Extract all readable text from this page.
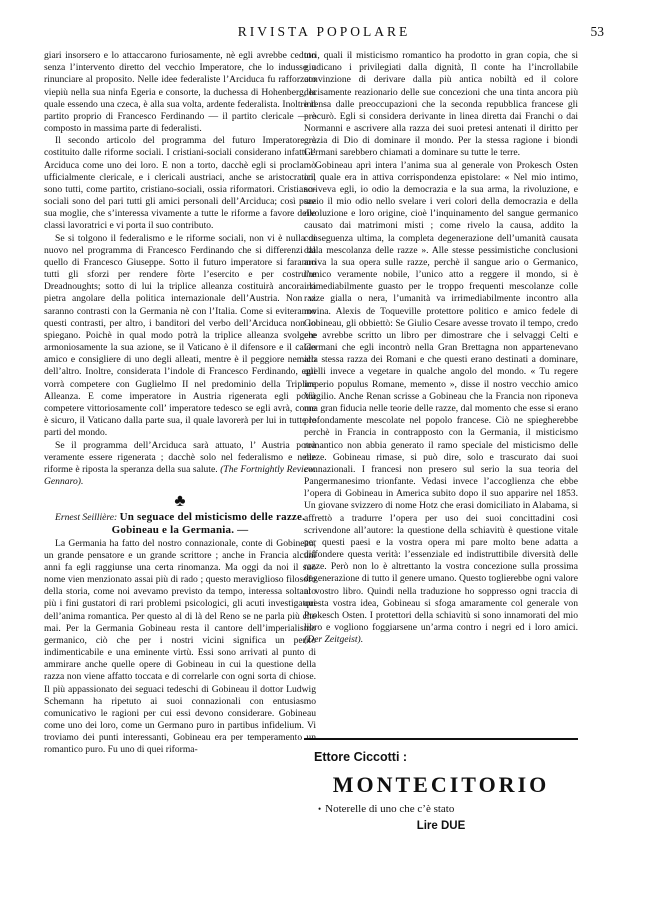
RIVISTA POPOLARE	53

giari insorsero e lo attaccarono furiosamente, nè egli avrebbe ceduto senza l’intervento diretto del vecchio Imperatore, che lo indusse a rinunciare al proposito. Nelle idee federaliste l’Arciduca fu rafforzato viepiù nella sua ninfa Egeria e consorte, la duchessa di Hohenberg, la quale essendo una czeca, è alla sua volta, ardente federalista. Inoltre il partito proprio di Francesco Ferdinando — il partito clericale — è composto in massima parte di federalisti.

Il secondo articolo del programma del futuro Imperatore è costituito dalle riforme sociali. I cristiani-sociali considerano infatti l’ Arciduca come uno dei loro. E non a torto, dacchè egli si proclamò ufficialmente clericale, e i clericali austriaci, anche se aristocratici, sono tutti, come partito, cristiano-sociali, ossia riformatori. Cristiano-sociali sono del pari tutti gli amici personali dell’Arciduca; così pure sua moglie, che s’interessa vivamente a tutte le riforme a favore delle classi lavoratrici e vi porta il suo contributo.

Se si tolgono il federalismo e le riforme sociali, non vi è nulla di nuovo nel programma di Francesco Ferdinando che si differenzi da quello di Francesco Giuseppe. Sotto il futuro imperatore si faranno tutti gli sforzi per rendere fòrte l’esercito e per costruire Dreadnoughts; sotto di lui la triplice alleanza costituirà ancora la pietra angolare della politica internazionale dell’Austria. Non vi saranno contrasti con la Germania nè con l’Italia. Come si eviteranno questi contrasti, per altro, i banditori del verbo dell’Arciduca non lo spiegano. Poichè in qual modo potrà la triplice alleanza svolgere armoniosamente la sua azione, se il Vaticano è il difensore e il caldo amico e consigliere di uno degli alleati, mentre è il peggiore nemico dell’altro. Inoltre, considerata l’indole di Francesco Ferdinando, egli vorrà competere con Guglielmo II nel predominio della Triplice Alleanza. E come imperatore in Austria rigenerata egli potrà competere vittoriosamente coll’ imperatore tedesco se egli avrà, come è sicuro, il Vaticano dalla parte sua, il quale lavorerà per lui in tutte le parti del mondo.

Se il programma dell’Arciduca sarà attuato, l’ Austria potrà veramente essere rigenerata ; dacchè solo nel federalismo e nelle riforme è riposta la speranza della sua salute. (The Fortnightly Review. Gennaro).

♣
Ernest Seillière: Un seguace del misticismo delle razze. Gobineau e la Germania. —

La Germania ha fatto del nostro connazionale, conte di Gobineau, un grande pensatore e un grande scrittore ; anche in Francia alcuni anni fa egli raggiunse una certa rinomanza. Ma oggi da noi il suo nome vien menzionato assai più di rado ; questo meraviglioso filosofo della storia, come noi avevamo previsto da tempo, interessa soltanto più i fini gustatori di rari problemi psicologici, gli acuti investigatori dell’anima romantica. Per questo al di là del Reno se ne parla più che mai. Per la Germania Gobineau resta il cantore dell’imperialismo germanico, ciò che per i nostri vicini significa un perito indimenticabile e una eminente virtù. Essi sono arrivati al punto di ammirare anche quelle opere di Gobineau in cui la questione della razza non viene affatto toccata e di correlarle con ogni sorta di chiose. Il più appassionato dei seguaci tedeschi di Gobineau il dottor Ludwig Schemann ha ripetuto ai suoi connazionali con entusiasmo comunicativo le ragioni per cui essi devono considerare. Gobineau come uno dei loro, come un Germano puro in partibus infidelium. Vi troviamo dei punti interessanti, Gobineau era per temperamento un romantico puro. Fu uno di quei riforma-

tori, quali il misticismo romantico ha prodotto in gran copia, che si giudicano i privilegiati dalla dignità, Il conte ha l’incrollabile convinzione di derivare dalla più antica nobiltà ed il colore decisamente reazionario delle sue concezioni che una tinta ancora più intensa dalle preoccupazioni che la seconda repubblica francese gli procurò. Egli si considera derivante in linea diretta dai Franchi o dai Normanni e ascrivere alla razza dei suoi pretesi antenati il diritto per grazia di Dio di dominare il mondo. Per la stessa ragione i biondi Germani sarebbero chiamati a dominare su tutte le terre.

Gobineau aprì intera l’anima sua al generale von Prokesch Osten col quale era in attiva corrispondenza epistolare: « Nel mio intimo, scriveva egli, io odio la democrazia e la sua arma, la rivoluzione, e sazio il mio odio nello svelare i veri colori della democrazia e della rivoluzione e loro origine, cioè l’inquinamento del sangue germanico causato dai matrimoni misti ; come rivelo la causa, addito la conseguenza ultima, la completa degenerazione dell’umanità causata dalla mescolanza delle razze ». Alle stesse pessimistiche conclusioni arriva la sua opera sulle razze, perchè il sangue ario o Germanico, l’unico veramente nobile, l’unico atto a reggere il mondo, si è irrimediabilmente guasto per le troppo frequenti mescolanze colle razze gialla o nera, l’umanità va irrimediabilmente incontro alla rovina. Alexis de Toqueville protettore politico e amico fedele di Gobineau, gli obbiettò: Se Giulio Cesare avesse trovato il tempo, credo che avrebbe scritto un libro per dimostrare che i selvaggi Celti e Germani che egli incontrò nella Gran Brettagna non appartenevano alla stessa razza dei Romani e che questi erano destinati a dominare, quelli invece a vegetare in qualche angolo del mondo. « Tu regere imperio populus Romane, memento », disse il nostro vecchio amico Virgilio. Anche Renan scrisse a Gobineau che la Francia non riponeva una gran fiducia nelle teorie delle razze, dal momento che esse si erano profondamente mescolate nel popolo francese. Ciò ne spiegherebbe perchè in Francia in contrapposto con la Germania, il misticismo romantico non abbia generato il ramo speciale del misticismo delle razze. Gobineau rimase, si può dire, solo e trascurato dai suoi connazionali. I francesi non presero sul serio la sua teoria del Pangermanesimo trionfante. Vedasi invece l’accoglienza che ebbe l’opera di Gobineau in America subito dopo il suo apparire nel 1853. Un giovane svizzero di nome Hotz che erasi domiciliato in Alabama, si affrettò a tradurre l’opera per uso dei suoi concittadini così scrivendone all’autore: la questione della schiavitù è questione vitale per questi paesi e la vostra opera mi pare molto bene adatta a diffondere questa verità: l’essenziale ed indistruttibile diversità delle razze. Però non lo è altrettanto la vostra concezione sulla prossima degenerazione di tutto il genere umano. Questo toglierebbe ogni valore al vostro libro. Quindi nella traduzione ho soppresso ogni traccia di questa vostra idea, Gobineau si sfoga amaramente col generale von Prokesch Osten. I protettori della schiavitù si sono innamorati del mio libro e vogliono foggiarsene un’arma contro i negri ed i loro amici. (Der Zeitgeist).

Ettore Ciccotti :
MONTECITORIO
• Noterelle di uno che c’è stato
Lire DUE
